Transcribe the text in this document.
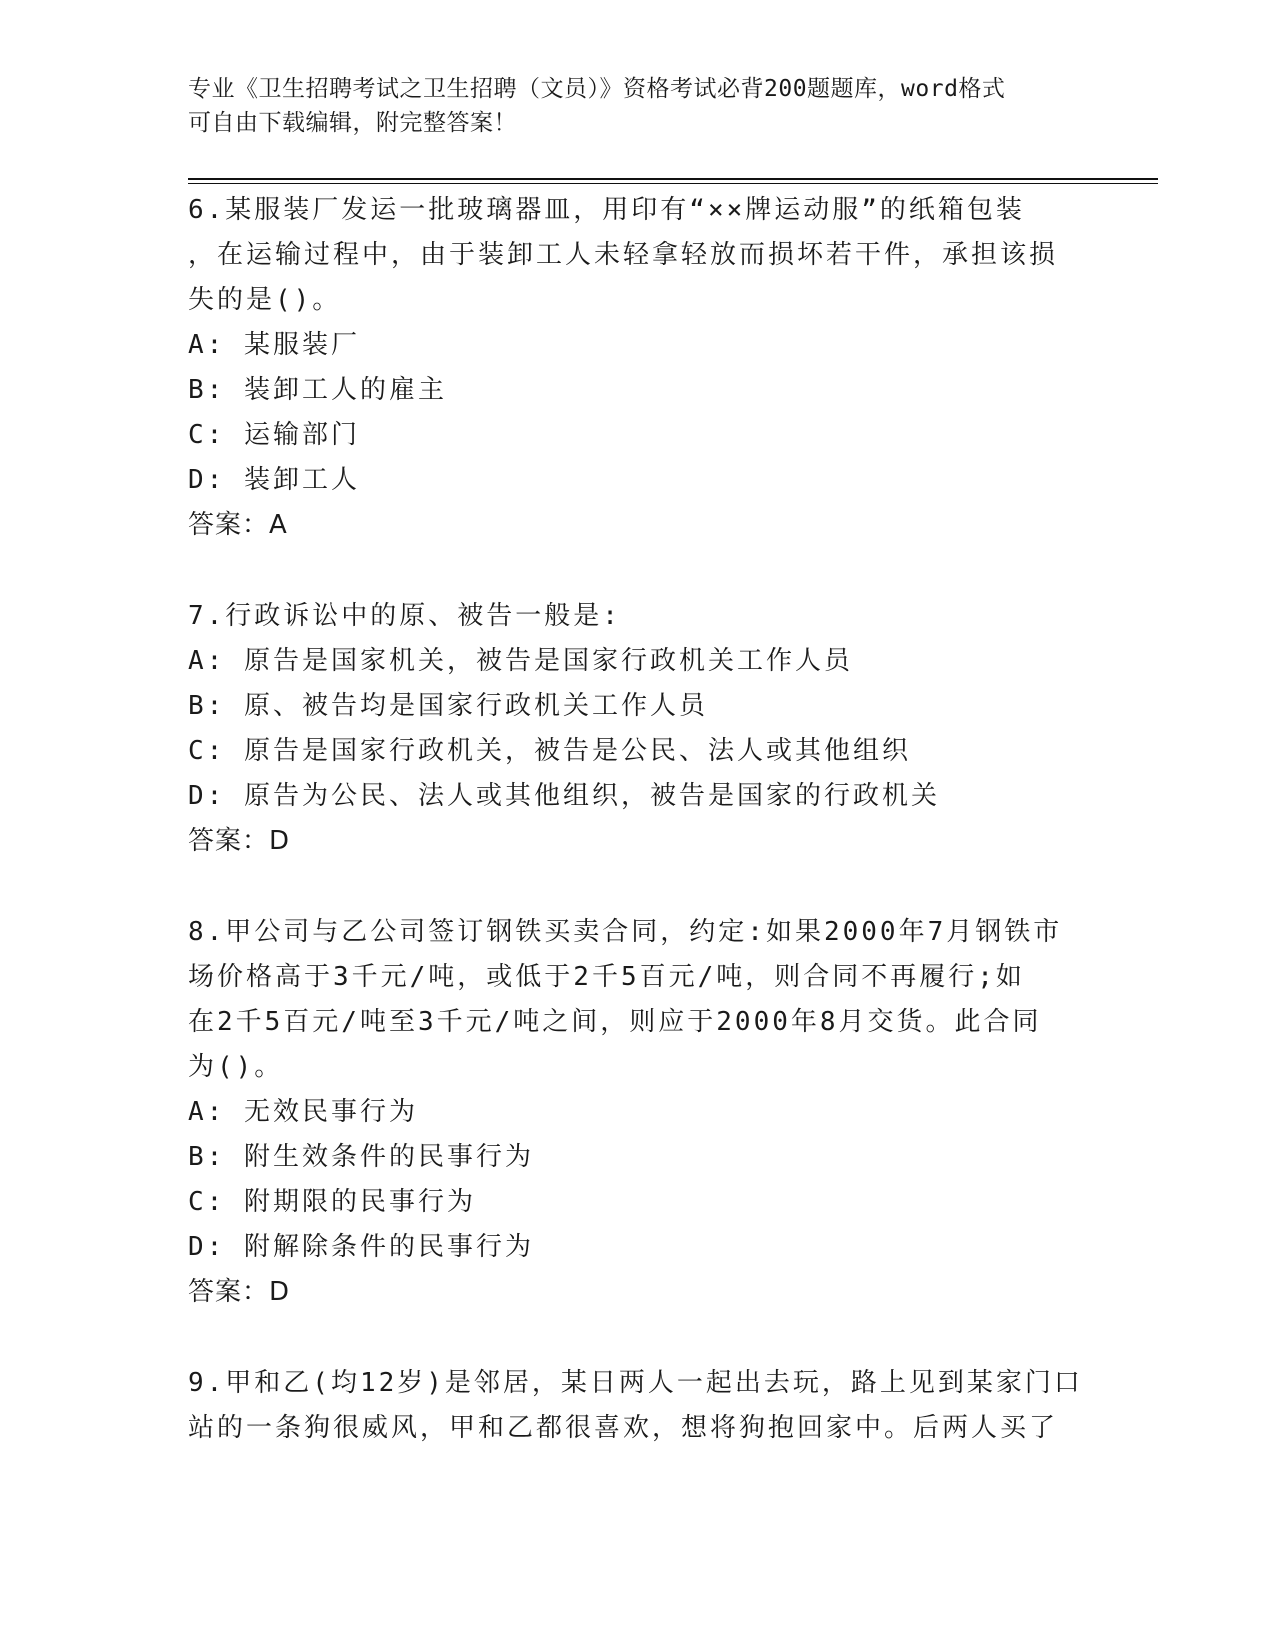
专业《卫生招聘考试之卫生招聘（文员）》资格考试必背200题题库，word格式
可自由下载编辑，附完整答案！
6.某服装厂发运一批玻璃器皿，用印有“××牌运动服”的纸箱包装
，在运输过程中，由于装卸工人未轻拿轻放而损坏若干件，承担该损
失的是()。
A: 某服装厂
B: 装卸工人的雇主
C: 运输部门
D: 装卸工人
答案：A
7.行政诉讼中的原、被告一般是:
A: 原告是国家机关，被告是国家行政机关工作人员
B: 原、被告均是国家行政机关工作人员
C: 原告是国家行政机关，被告是公民、法人或其他组织
D: 原告为公民、法人或其他组织，被告是国家的行政机关
答案：D
8.甲公司与乙公司签订钢铁买卖合同，约定:如果2000年7月钢铁市
场价格高于3千元/吨，或低于2千5百元/吨，则合同不再履行;如
在2千5百元/吨至3千元/吨之间，则应于2000年8月交货。此合同
为()。
A: 无效民事行为
B: 附生效条件的民事行为
C: 附期限的民事行为
D: 附解除条件的民事行为
答案：D
9.甲和乙(均12岁)是邻居，某日两人一起出去玩，路上见到某家门口
站的一条狗很威风，甲和乙都很喜欢，想将狗抱回家中。后两人买了
